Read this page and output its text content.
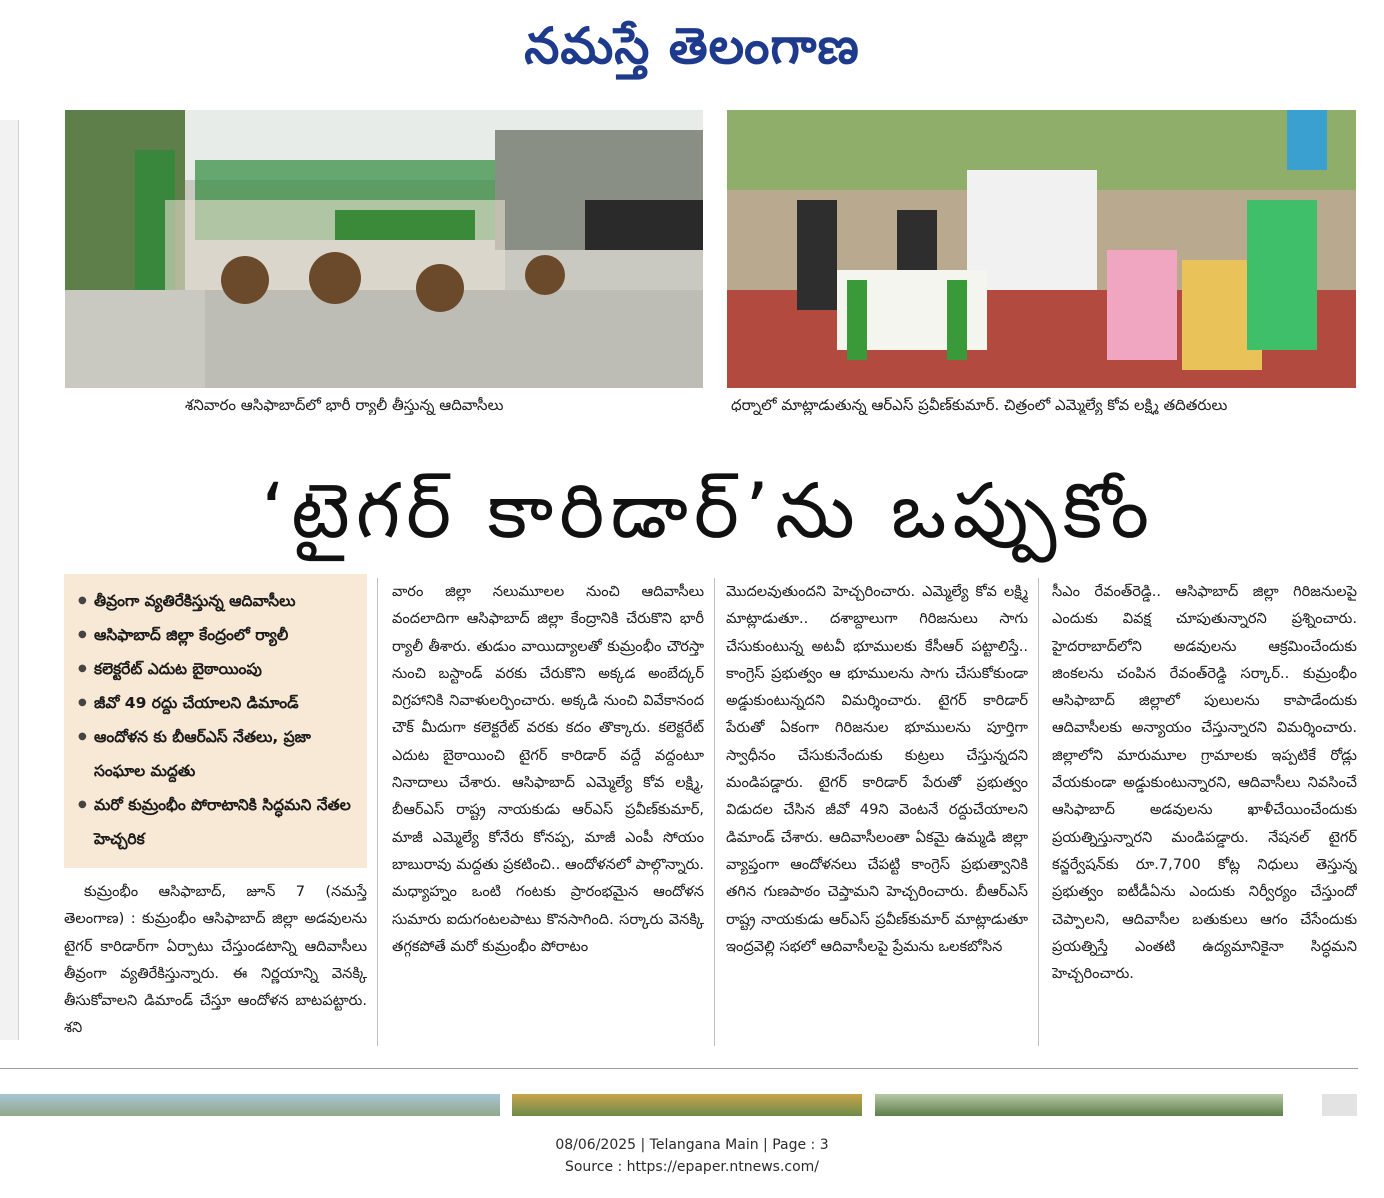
నమస్తే తెలంగాణ
శనివారం ఆసిఫాబాద్‌లో భారీ ర్యాలీ తీస్తున్న ఆదివాసీలు	ధర్నాలో మాట్లాడుతున్న ఆర్‌ఎస్ ప్రవీణ్‌కుమార్. చిత్రంలో ఎమ్మెల్యే కోవ లక్ష్మి తదితరులు
‘టైగర్ కారిడార్’ను ఒప్పుకోం
● తీవ్రంగా వ్యతిరేకిస్తున్న ఆదివాసీలు
● ఆసిఫాబాద్ జిల్లా కేంద్రంలో ర్యాలీ
● కలెక్టరేట్ ఎదుట బైఠాయింపు
● జీవో 49 రద్దు చేయాలని డిమాండ్
● ఆందోళన కు బీఆర్‌ఎస్ నేతలు, ప్రజా సంఘాల మద్దతు
● మరో కుమ్రంభీం పోరాటానికి సిద్ధమని నేతల హెచ్చరిక
కుమ్రంభీం ఆసిఫాబాద్, జూన్ 7 (నమస్తే తెలంగాణ) : కుమ్రంభీం ఆసిఫాబాద్ జిల్లా అడవులను టైగర్ కారిడార్‌గా ఏర్పాటు చేస్తుండటాన్ని ఆదివాసీలు తీవ్రంగా వ్యతిరేకిస్తున్నారు. ఈ నిర్ణయాన్ని వెనక్కి తీసుకోవాలని డిమాండ్ చేస్తూ ఆందోళన బాటపట్టారు. శని
వారం జిల్లా నలుమూలల నుంచి ఆదివాసీలు వందలాదిగా ఆసిఫాబాద్ జిల్లా కేంద్రానికి చేరుకొని భారీ ర్యాలీ తీశారు. తుడుం వాయిద్యాలతో కుమ్రంభీం చౌరస్తా నుంచి బస్టాండ్ వరకు చేరుకొని అక్కడ అంబేద్కర్ విగ్రహానికి నివాళులర్పించారు. అక్కడి నుంచి వివేకానంద చౌక్ మీదుగా కలెక్టరేట్ వరకు కదం తొక్కారు. కలెక్టరేట్ ఎదుట బైఠాయించి టైగర్ కారిడార్ వద్దే వద్దంటూ నినాదాలు చేశారు. ఆసిఫాబాద్ ఎమ్మెల్యే కోవ లక్ష్మి, బీఆర్‌ఎస్ రాష్ట్ర నాయకుడు ఆర్‌ఎస్ ప్రవీణ్‌కుమార్, మాజీ ఎమ్మెల్యే కోనేరు కోనప్ప, మాజీ ఎంపీ సోయం బాబురావు మద్దతు ప్రకటించి.. ఆందోళనలో పాల్గొన్నారు. మధ్యాహ్నం ఒంటి గంటకు ప్రారంభమైన ఆందోళన సుమారు ఐదుగంటలపాటు కొనసాగింది. సర్కారు వెనక్కి తగ్గకపోతే మరో కుమ్రంభీం పోరాటం
మొదలవుతుందని హెచ్చరించారు. ఎమ్మెల్యే కోవ లక్ష్మి మాట్లాడుతూ.. దశాబ్దాలుగా గిరిజనులు సాగు చేసుకుంటున్న అటవీ భూములకు కేసీఆర్ పట్టాలిస్తే.. కాంగ్రెస్ ప్రభుత్వం ఆ భూములను సాగు చేసుకోకుండా అడ్డుకుంటున్నదని విమర్శించారు. టైగర్ కారిడార్ పేరుతో ఏకంగా గిరిజనుల భూములను పూర్తిగా స్వాధీనం చేసుకునేందుకు కుట్రలు చేస్తున్నదని మండిపడ్డారు. టైగర్ కారిడార్ పేరుతో ప్రభుత్వం విడుదల చేసిన జీవో 49ని వెంటనే రద్దుచేయాలని డిమాండ్ చేశారు. ఆదివాసీలంతా ఏకమై ఉమ్మడి జిల్లా వ్యాప్తంగా ఆందోళనలు చేపట్టి కాంగ్రెస్ ప్రభుత్వానికి తగిన గుణపాఠం చెప్తామని హెచ్చరించారు. బీఆర్‌ఎస్ రాష్ట్ర నాయకుడు ఆర్‌ఎస్ ప్రవీణ్‌కుమార్ మాట్లాడుతూ ఇంద్రవెల్లి సభలో ఆదివాసీలపై ప్రేమను ఒలకబోసిన
సీఎం రేవంత్‌రెడ్డి.. ఆసిఫాబాద్ జిల్లా గిరిజనులపై ఎందుకు వివక్ష చూపుతున్నారని ప్రశ్నించారు. హైదరాబాద్‌లోని అడవులను ఆక్రమించేందుకు జింకలను చంపిన రేవంత్‌రెడ్డి సర్కార్.. కుమ్రంభీం ఆసిఫాబాద్ జిల్లాలో పులులను కాపాడేందుకు ఆదివాసీలకు అన్యాయం చేస్తున్నారని విమర్శించారు. జిల్లాలోని మారుమూల గ్రామాలకు ఇప్పటికే రోడ్లు వేయకుండా అడ్డుకుంటున్నారని, ఆదివాసీలు నివసించే ఆసిఫాబాద్ అడవులను ఖాళీచేయించేందుకు ప్రయత్నిస్తున్నారని మండిపడ్డారు. నేషనల్ టైగర్ కన్జర్వేషన్‌కు రూ.7,700 కోట్ల నిధులు తెస్తున్న ప్రభుత్వం ఐటీడీఏను ఎందుకు నిర్వీర్యం చేస్తుందో చెప్పాలని, ఆదివాసీల బతుకులు ఆగం చేసేందుకు ప్రయత్నిస్తే ఎంతటి ఉద్యమానికైనా సిద్ధమని హెచ్చరించారు.
08/06/2025 | Telangana Main | Page : 3
Source : https://epaper.ntnews.com/
